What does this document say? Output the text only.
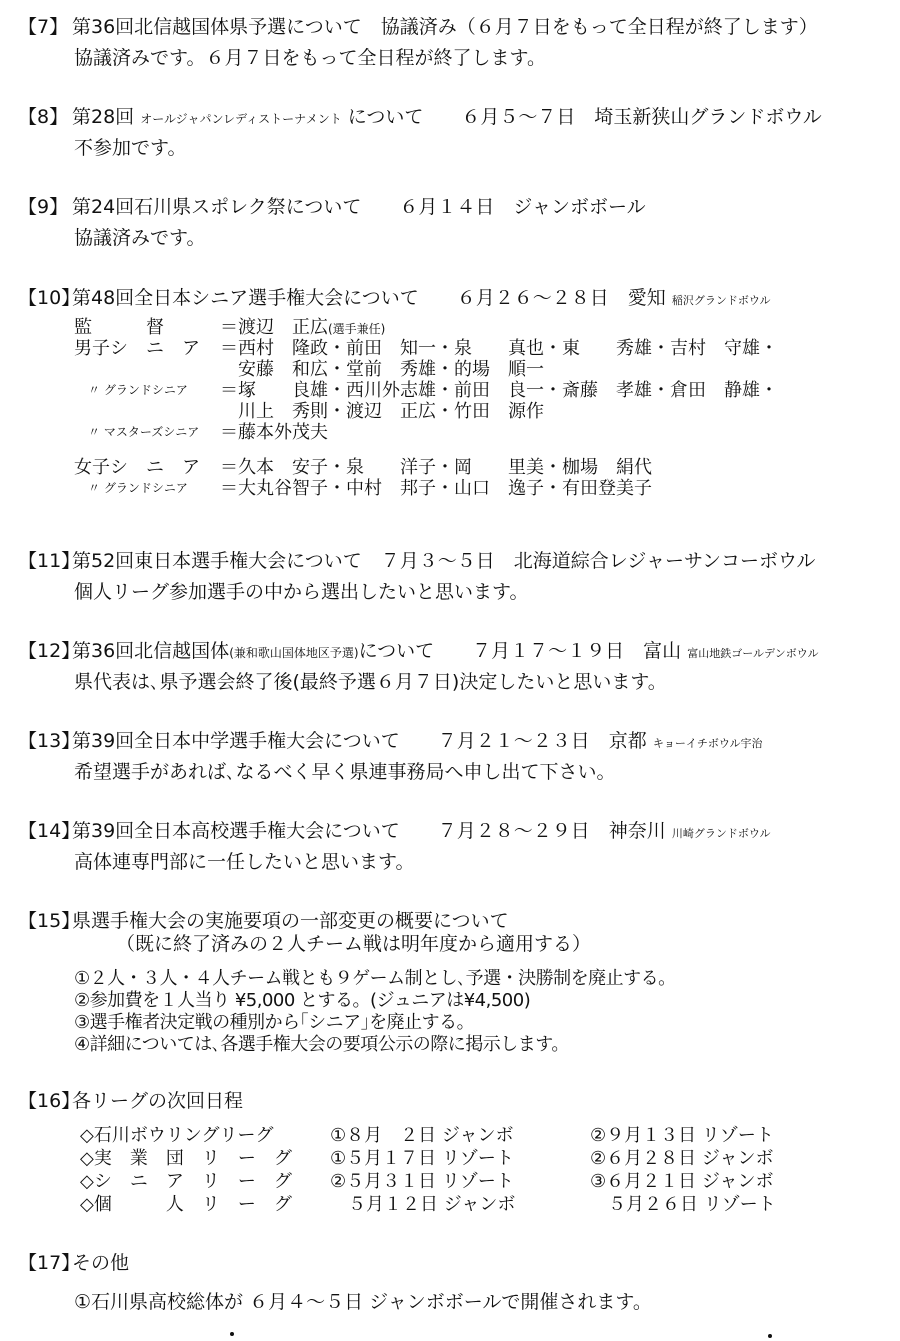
【7】 第36回北信越国体県予選について　協議済み（６月７日をもって全日程が終了します）
協議済みです。６月７日をもって全日程が終了します。
【8】 第28回 オールジャパンレディストーナメント について　　６月５～７日　埼玉新狭山グランドボウル
不参加です。
【9】 第24回石川県スポレク祭について　　６月１４日　ジャンボボール
協議済みです。
【10】第48回全日本シニア選手権大会について　　６月２６～２８日　愛知 稲沢グランドボウル
監　　　督	＝渡辺　正広(選手兼任)
男子シ　ニ　ア ＝西村　隆政・前田　知一・泉　　真也・東　　秀雄・吉村　守雄・
　安藤　和広・堂前　秀雄・的場　順一
〃 グランドシニア ＝塚　　良雄・西川外志雄・前田　良一・斎藤　孝雄・倉田　静雄・
　川上　秀則・渡辺　正広・竹田　源作
〃 マスターズシニア ＝藤本外茂夫
女子シ　ニ　ア ＝久本　安子・泉　　洋子・岡　　里美・枷場　絹代
〃 グランドシニア ＝大丸谷智子・中村　邦子・山口　逸子・有田登美子
【11】第52回東日本選手権大会について　７月３～５日　北海道綜合レジャーサンコーボウル
個人リーグ参加選手の中から選出したいと思います。
【12】第36回北信越国体(兼和歌山国体地区予選)について　　７月１７～１９日　富山 富山地鉄ゴールデンボウル
県代表は､県予選会終了後(最終予選６月７日)決定したいと思います。
【13】第39回全日本中学選手権大会について　　７月２１～２３日　京都 キョーイチボウル宇治
希望選手があれば､なるべく早く県連事務局へ申し出て下さい。
【14】第39回全日本高校選手権大会について　　７月２８～２９日　神奈川 川崎グランドボウル
高体連専門部に一任したいと思います。
【15】県選手権大会の実施要項の一部変更の概要について
（既に終了済みの２人チーム戦は明年度から適用する）
①２人・３人・４人チーム戦とも９ゲーム制とし､予選・決勝制を廃止する。
②参加費を１人当り ¥5,000 とする。(ジュニアは¥4,500)
③選手権者決定戦の種別から｢シニア｣を廃止する。
④詳細については､各選手権大会の要項公示の際に掲示します。
【16】各リーグの次回日程
◇石川ボウリングリーグ	①８月　２日 ジャンボ	②９月１３日 リゾート
◇実　業　団　リ　ー　グ ①５月１７日 リゾート	②６月２８日 ジャンボ
◇シ　ニ　ア　リ　ー　グ ②５月３１日 リゾート	③６月２１日 ジャンボ
◇個　　　人　リ　ー　グ 　５月１２日 ジャンボ	　５月２６日 リゾート
【17】その他
①石川県高校総体が ６月４～５日 ジャンボボールで開催されます。
